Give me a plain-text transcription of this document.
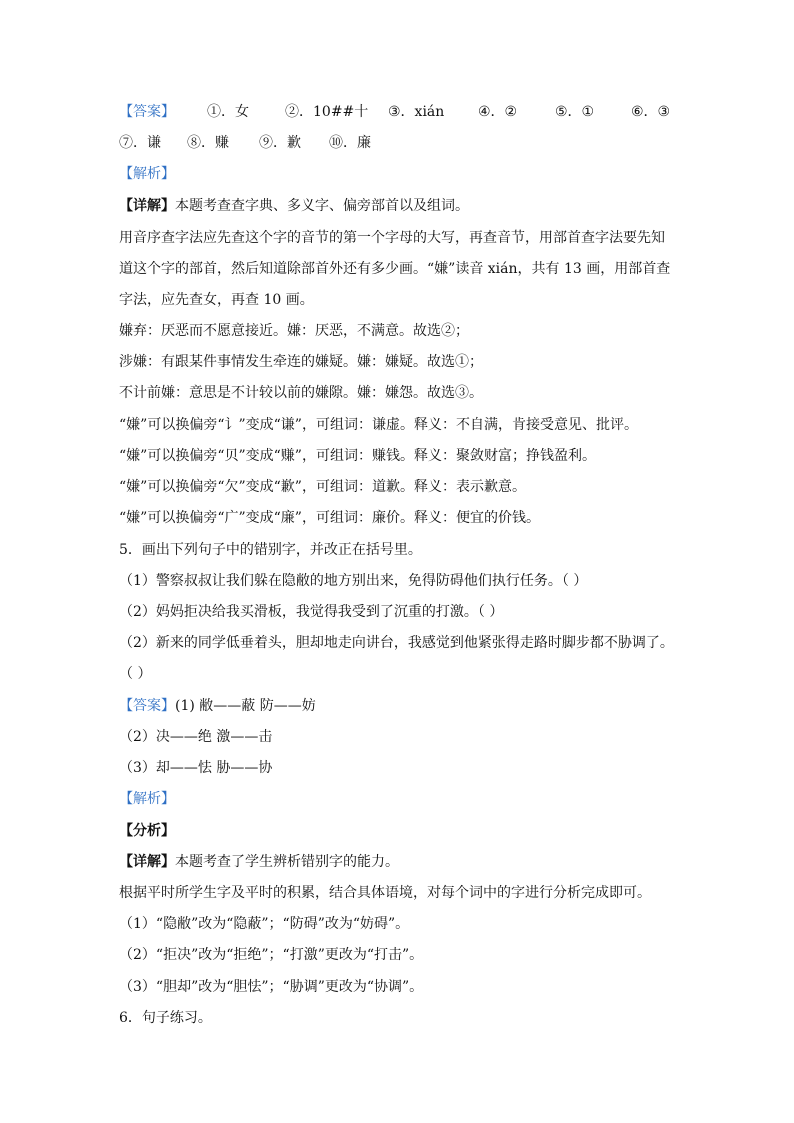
【答案】 ①．女	②．10##十 ③．xián ④．②	⑤．①	⑥．③
⑦．谦 ⑧．赚 ⑨．歉 ⑩．廉
【解析】
【详解】本题考查查字典、多义字、偏旁部首以及组词。
用音序查字法应先查这个字的音节的第一个字母的大写，再查音节，用部首查字法要先知
道这个字的部首，然后知道除部首外还有多少画。“嫌”读音 xián，共有 13 画，用部首查
字法，应先查女，再查 10 画。
嫌弃：厌恶而不愿意接近。嫌：厌恶，不满意。故选②；
涉嫌：有跟某件事情发生牵连的嫌疑。嫌：嫌疑。故选①；
不计前嫌：意思是不计较以前的嫌隙。嫌：嫌怨。故选③。
“嫌”可以换偏旁“讠”变成“谦”，可组词：谦虚。释义：不自满，肯接受意见、批评。
“嫌”可以换偏旁“贝”变成“赚”，可组词：赚钱。释义：聚敛财富；挣钱盈利。
“嫌”可以换偏旁“欠”变成“歉”，可组词：道歉。释义：表示歉意。
“嫌”可以换偏旁“广”变成“廉”，可组词：廉价。释义：便宜的价钱。
5．画出下列句子中的错别字，并改正在括号里。
（1）警察叔叔让我们躲在隐敝的地方别出来，免得防碍他们执行任务。（ ）
（2）妈妈拒决给我买滑板，我觉得我受到了沉重的打激。（ ）
（2）新来的同学低垂着头，胆却地走向讲台，我感觉到他紧张得走路时脚步都不胁调了。
（ ）
【答案】(1) 敝——蔽 防——妨
（2）决——绝 激——击
（3）却——怯 胁——协
【解析】
【分析】
【详解】本题考查了学生辨析错别字的能力。
根据平时所学生字及平时的积累，结合具体语境，对每个词中的字进行分析完成即可。
（1）“隐敝”改为“隐蔽”；“防碍”改为“妨碍”。
（2）“拒决”改为“拒绝”；“打激”更改为“打击”。
（3）“胆却”改为“胆怯”；“胁调”更改为“协调”。
6．句子练习。
